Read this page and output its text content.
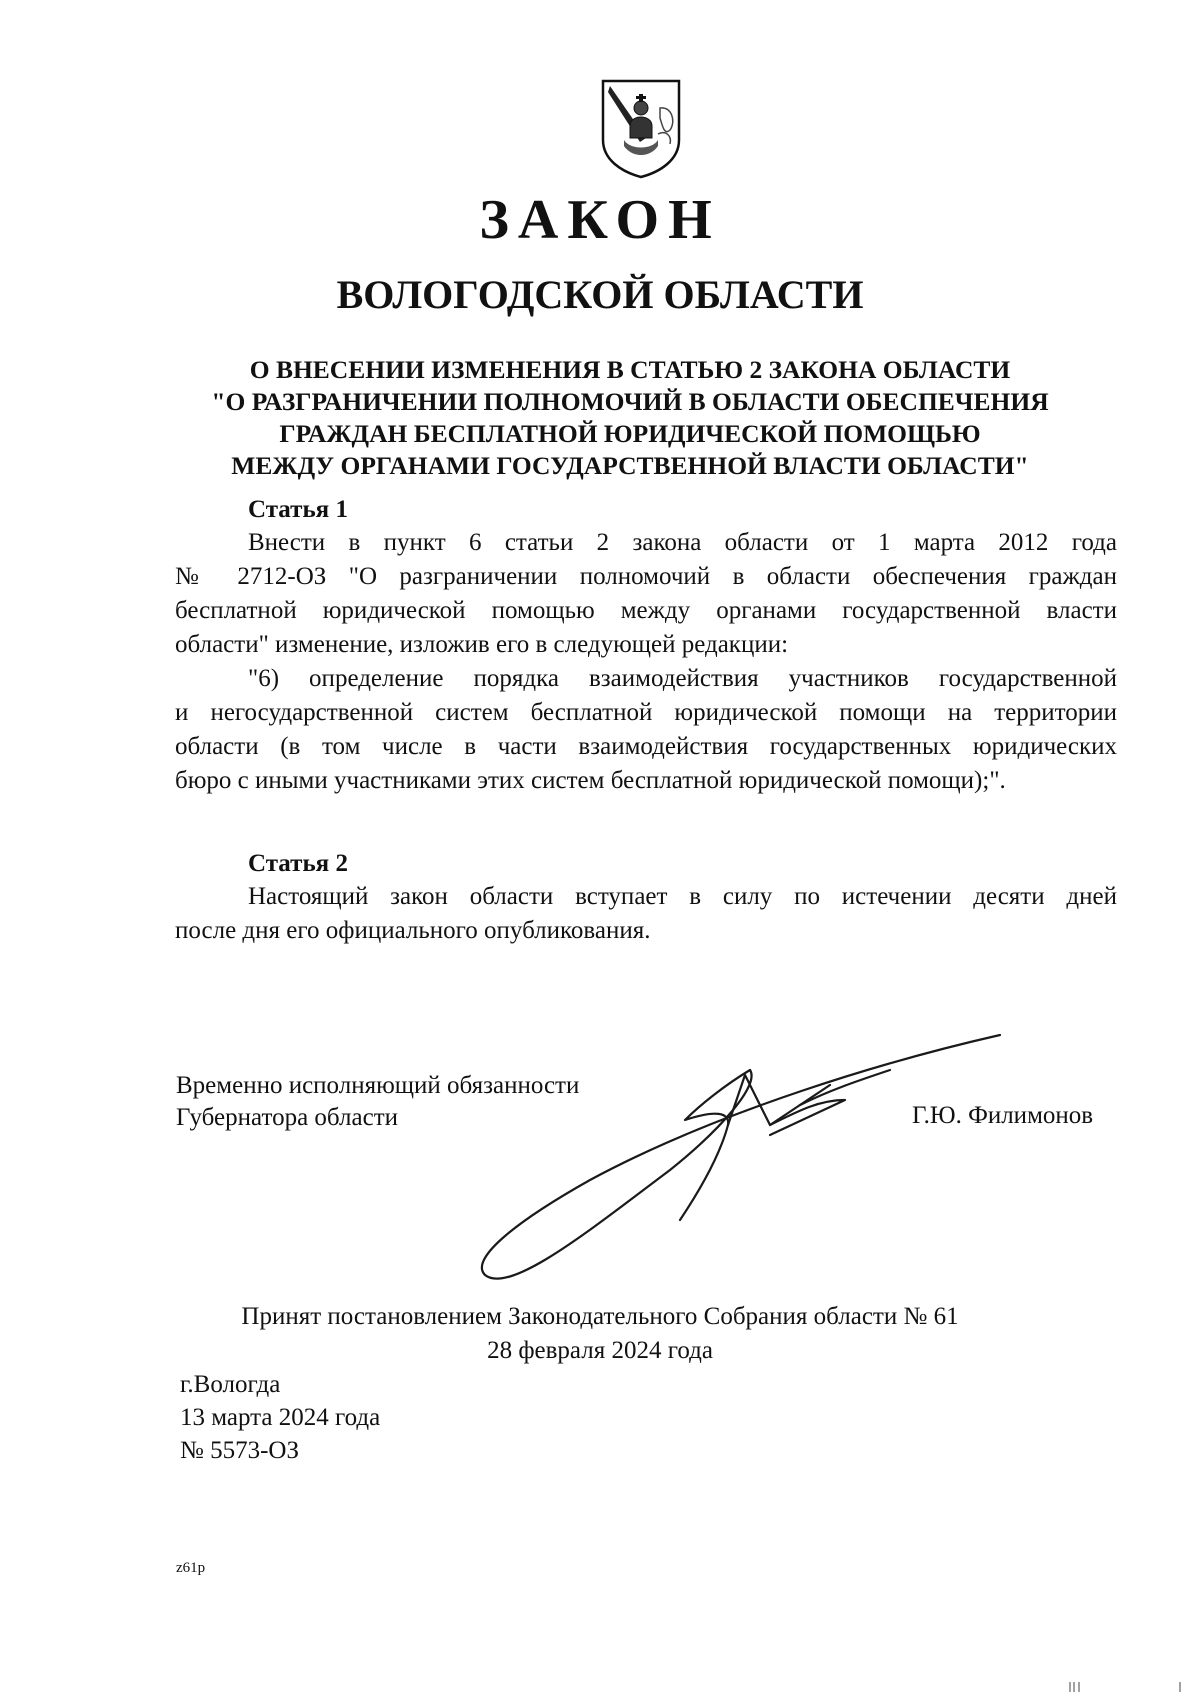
ЗАКОН
ВОЛОГОДСКОЙ ОБЛАСТИ
О ВНЕСЕНИИ ИЗМЕНЕНИЯ В СТАТЬЮ 2 ЗАКОНА ОБЛАСТИ
"О РАЗГРАНИЧЕНИИ ПОЛНОМОЧИЙ В ОБЛАСТИ ОБЕСПЕЧЕНИЯ
ГРАЖДАН БЕСПЛАТНОЙ ЮРИДИЧЕСКОЙ ПОМОЩЬЮ
МЕЖДУ ОРГАНАМИ ГОСУДАРСТВЕННОЙ ВЛАСТИ ОБЛАСТИ"
Статья 1
Внести в пункт 6 статьи 2 закона области от 1 марта 2012 года
№ 2712-ОЗ "О разграничении полномочий в области обеспечения граждан
бесплатной юридической помощью между органами государственной власти
области" изменение, изложив его в следующей редакции:
"6) определение порядка взаимодействия участников государственной
и негосударственной систем бесплатной юридической помощи на территории
области (в том числе в части взаимодействия государственных юридических
бюро с иными участниками этих систем бесплатной юридической помощи);".
Статья 2
Настоящий закон области вступает в силу по истечении десяти дней
после дня его официального опубликования.
Временно исполняющий обязанности
Губернатора области	Г.Ю. Филимонов
Принят постановлением Законодательного Собрания области № 61
28 февраля 2024 года
г.Вологда
13 марта 2024 года
№ 5573-ОЗ
z61p
